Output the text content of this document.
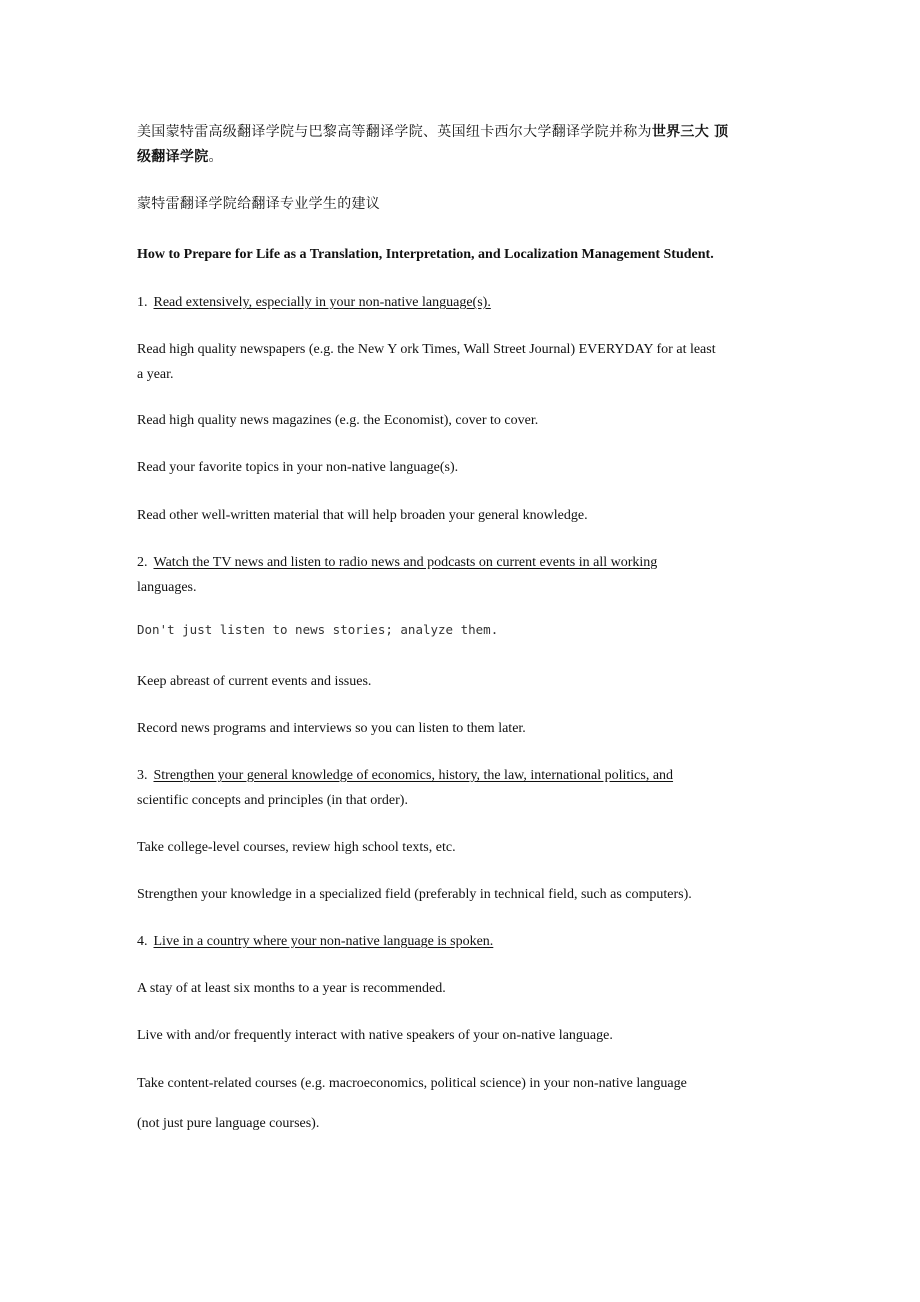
美国蒙特雷高级翻译学院与巴黎高等翻译学院、英国纽卡西尔大学翻译学院并称为世界三大 顶
级翻译学院。
蒙特雷翻译学院给翻译专业学生的建议
How to Prepare for Life as a Translation, Interpretation, and Localization Management Student.
1. Read extensively, especially in your non-native language(s).
Read high quality newspapers (e.g. the New Y ork Times, Wall Street Journal) EVERYDAY for at least
a year.
Read high quality news magazines (e.g. the Economist), cover to cover.
Read your favorite topics in your non-native language(s).
Read other well-written material that will help broaden your general knowledge.
2. Watch the TV news and listen to radio news and podcasts on current events in all working
languages.
Don't just listen to news stories; analyze them.
Keep abreast of current events and issues.
Record news programs and interviews so you can listen to them later.
3. Strengthen your general knowledge of economics, history, the law, international politics, and
scientific concepts and principles (in that order).
Take college-level courses, review high school texts, etc.
Strengthen your knowledge in a specialized field (preferably in technical field, such as computers).
4. Live in a country where your non-native language is spoken.
A stay of at least six months to a year is recommended.
Live with and/or frequently interact with native speakers of your on-native language.
Take content-related courses (e.g. macroeconomics, political science) in your non-native language
(not just pure language courses).
